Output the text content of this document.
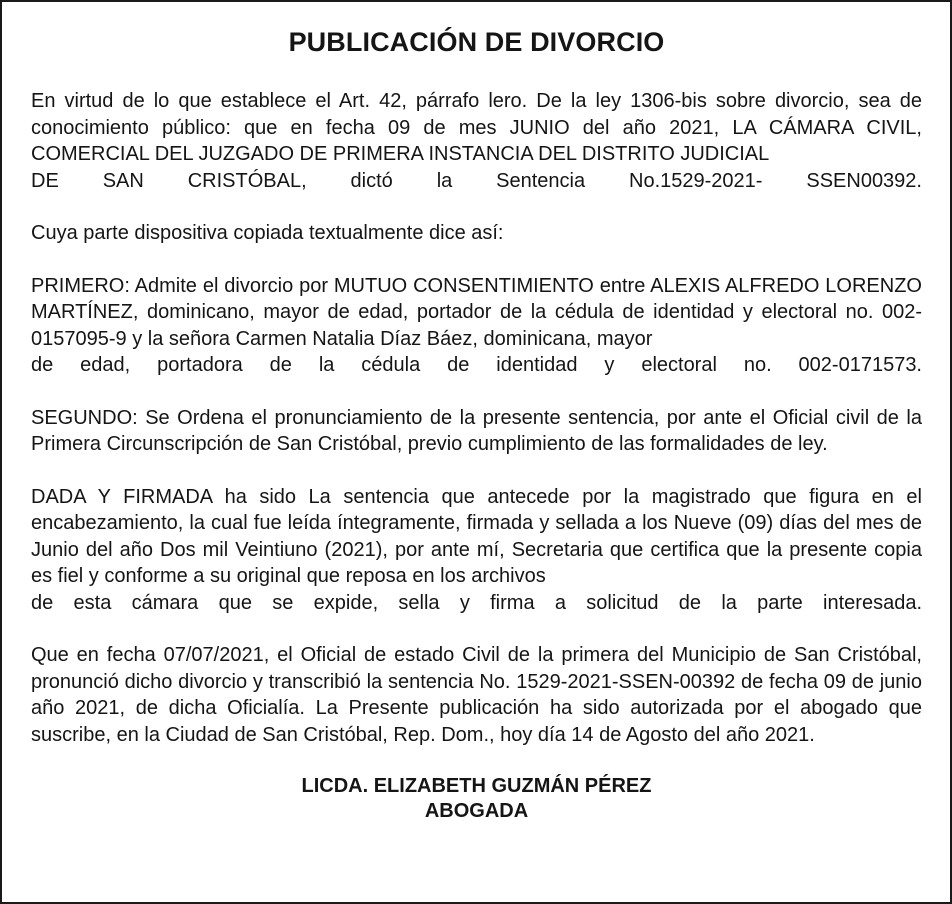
PUBLICACIÓN DE DIVORCIO
En virtud de lo que establece el Art. 42, párrafo lero. De la ley 1306-bis sobre divorcio, sea de conocimiento público: que en fecha 09 de mes JUNIO del año 2021, LA CÁMARA CIVIL, COMERCIAL DEL JUZGADO DE PRIMERA INSTANCIA DEL DISTRITO JUDICIAL
DE SAN CRISTÓBAL, dictó la Sentencia No.1529-2021- SSEN00392.

Cuya parte dispositiva copiada textualmente dice así:

PRIMERO: Admite el divorcio por MUTUO CONSENTIMIENTO entre ALEXIS ALFREDO LORENZO MARTÍNEZ, dominicano, mayor de edad, portador de la cédula de identidad y electoral no. 002-0157095-9 y la señora Carmen Natalia Díaz Báez, dominicana, mayor
de edad, portadora de la cédula de identidad y electoral no. 002-0171573.

SEGUNDO: Se Ordena el pronunciamiento de la presente sentencia, por ante el Oficial civil de la Primera Circunscripción de San Cristóbal, previo cumplimiento de las formalidades de ley.

DADA Y FIRMADA ha sido La sentencia que antecede por la magistrado que figura en el encabezamiento, la cual fue leída íntegramente, firmada y sellada a los Nueve (09) días del mes de Junio del año Dos mil Veintiuno (2021), por ante mí, Secretaria que certifica que la presente copia es fiel y conforme a su original que reposa en los archivos
de esta cámara que se expide, sella y firma a solicitud de la parte interesada.

Que en fecha 07/07/2021, el Oficial de estado Civil de la primera del Municipio de San Cristóbal, pronunció dicho divorcio y transcribió la sentencia No. 1529-2021-SSEN-00392 de fecha 09 de junio año 2021, de dicha Oficialía. La Presente publicación ha sido autorizada por el abogado que suscribe, en la Ciudad de San Cristóbal, Rep. Dom., hoy día 14 de Agosto del año 2021.

LICDA. ELIZABETH GUZMÁN PÉREZ
ABOGADA
